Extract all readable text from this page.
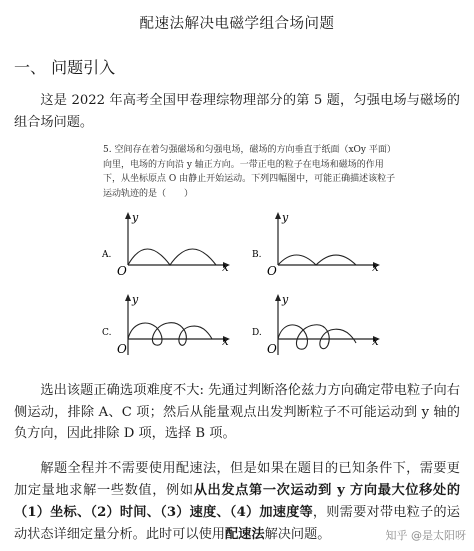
配速法解决电磁学组合场问题
一、 问题引入
这是 2022 年高考全国甲卷理综物理部分的第 5 题，匀强电场与磁场的组合场问题。
5. 空间存在着匀强磁场和匀强电场，磁场的方向垂直于纸面（xOy 平面）向里，电场的方向沿 y 轴正方向。一带正电的粒子在电场和磁场的作用下，从坐标原点 O 由静止开始运动。下列四幅图中，可能正确描述该粒子运动轨迹的是（　　）
A.
y
x
O
B.
y
x
O
C.
y
x
O
D.
y
x
O
选出该题正确选项难度不大: 先通过判断洛伦兹力方向确定带电粒子向右侧运动，排除 A、C 项；然后从能量观点出发判断粒子不可能运动到 y 轴的负方向，因此排除 D 项，选择 B 项。
解题全程并不需要使用配速法，但是如果在题目的已知条件下，需要更加定量地求解一些数值，例如从出发点第一次运动到 y 方向最大位移处的（1）坐标、（2）时间、（3）速度、（4）加速度等，则需要对带电粒子的运动状态详细定量分析。此时可以使用配速法解决问题。	知乎 @是太阳呀
